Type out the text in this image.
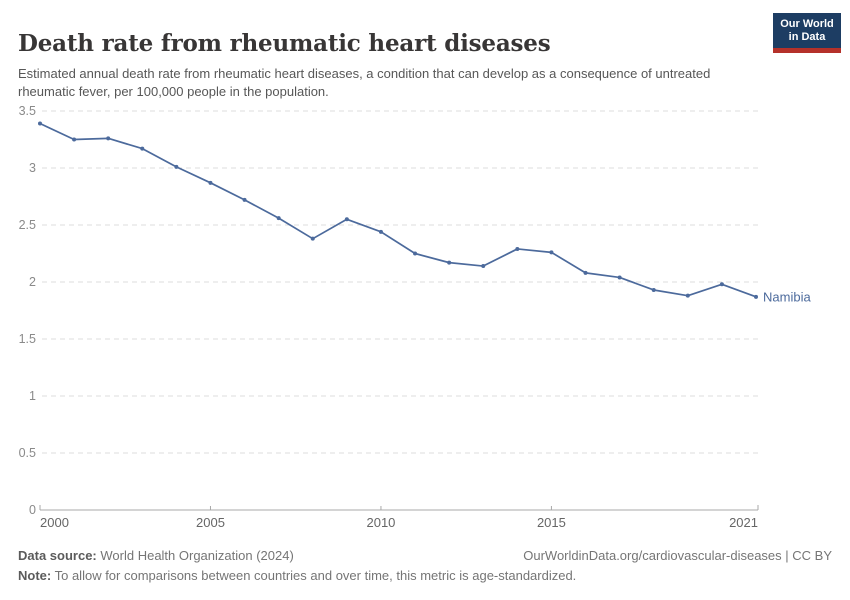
Death rate from rheumatic heart diseases

Estimated annual death rate from rheumatic heart diseases, a condition that can develop as a consequence of untreated rheumatic fever, per 100,000 people in the population.

Our World
in Data
0
0.5
1
1.5
2
2.5
3
3.5
2000	2005	2010	2015	2021
Namibia
Data source: World Health Organization (2024)	OurWorldinData.org/cardiovascular-diseases | CC BY
Note: To allow for comparisons between countries and over time, this metric is age-standardized.
